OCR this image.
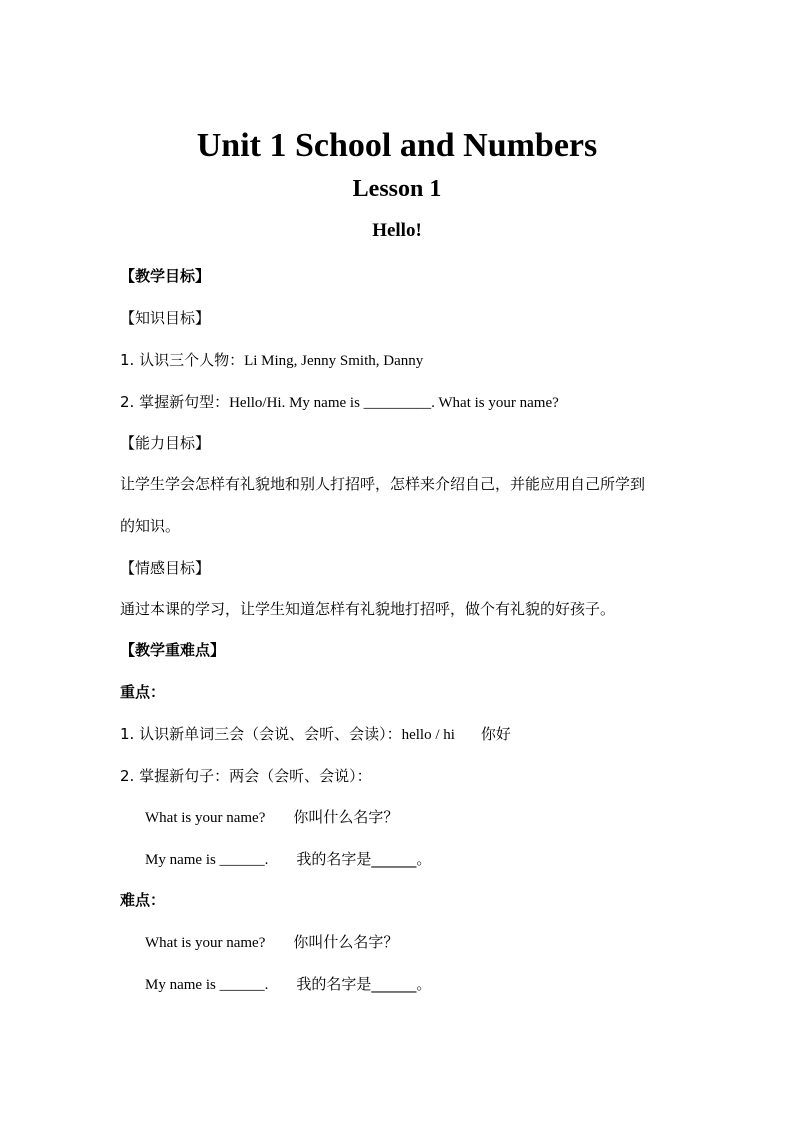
Unit 1 School and Numbers
Lesson 1
Hello!
【教学目标】
【知识目标】
1. 认识三个人物：Li Ming, Jenny Smith, Danny
2. 掌握新句型：Hello/Hi. My name is _________. What is your name?
【能力目标】
让学生学会怎样有礼貌地和别人打招呼，怎样来介绍自己，并能应用自己所学到
的知识。
【情感目标】
通过本课的学习，让学生知道怎样有礼貌地打招呼，做个有礼貌的好孩子。
【教学重难点】
重点：
1. 认识新单词三会（会说、会听、会读）：hello / hi 你好
2. 掌握新句子：两会（会听、会说）：
What is your name? 你叫什么名字？
My name is ______. 我的名字是______。
难点：
What is your name? 你叫什么名字？
My name is ______. 我的名字是______。
